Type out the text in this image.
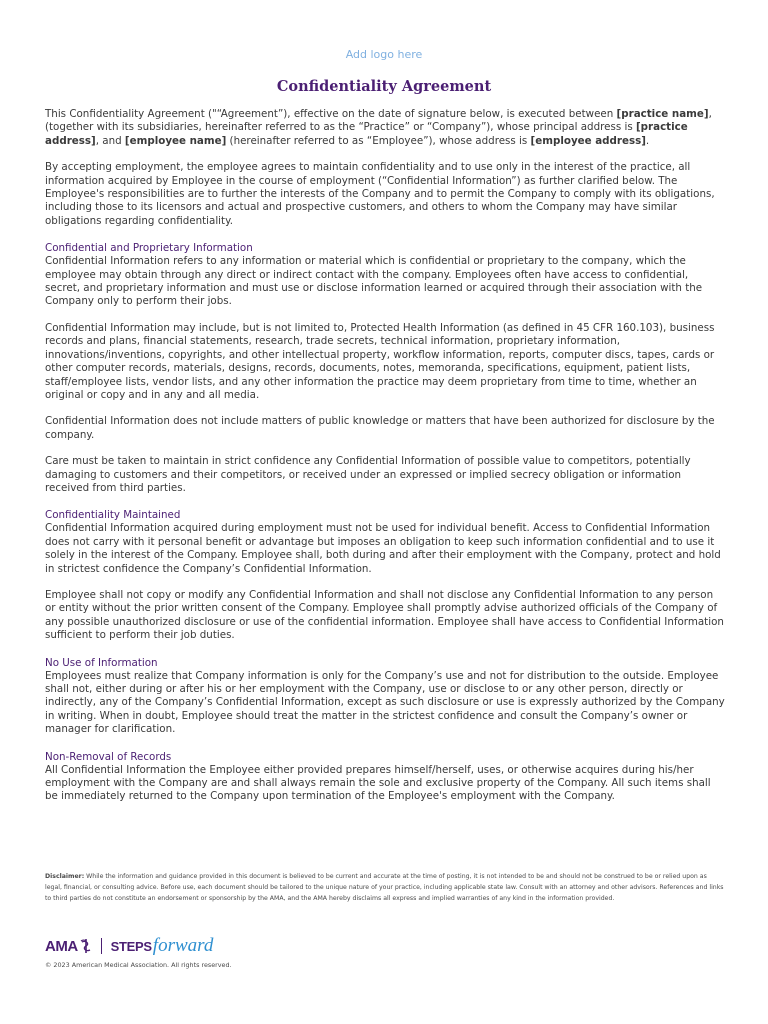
Add logo here
Confidentiality Agreement

This Confidentiality Agreement ("“Agreement”), effective on the date of signature below, is executed between [practice name], (together with its subsidiaries, hereinafter referred to as the “Practice” or “Company”), whose principal address is [practice address], and [employee name] (hereinafter referred to as “Employee”), whose address is [employee address].

By accepting employment, the employee agrees to maintain confidentiality and to use only in the interest of the practice, all information acquired by Employee in the course of employment (“Confidential Information”) as further clarified below. The Employee's responsibilities are to further the interests of the Company and to permit the Company to comply with its obligations, including those to its licensors and actual and prospective customers, and others to whom the Company may have similar obligations regarding confidentiality.

Confidential and Proprietary Information

Confidential Information refers to any information or material which is confidential or proprietary to the company, which the employee may obtain through any direct or indirect contact with the company. Employees often have access to confidential, secret, and proprietary information and must use or disclose information learned or acquired through their association with the Company only to perform their jobs.

Confidential Information may include, but is not limited to, Protected Health Information (as defined in 45 CFR 160.103), business records and plans, financial statements, research, trade secrets, technical information, proprietary information, innovations/inventions, copyrights, and other intellectual property, workflow information, reports, computer discs, tapes, cards or other computer records, materials, designs, records, documents, notes, memoranda, specifications, equipment, patient lists, staff/employee lists, vendor lists, and any other information the practice may deem proprietary from time to time, whether an original or copy and in any and all media.

Confidential Information does not include matters of public knowledge or matters that have been authorized for disclosure by the company.

Care must be taken to maintain in strict confidence any Confidential Information of possible value to competitors, potentially damaging to customers and their competitors, or received under an expressed or implied secrecy obligation or information received from third parties.

Confidentiality Maintained

Confidential Information acquired during employment must not be used for individual benefit. Access to Confidential Information does not carry with it personal benefit or advantage but imposes an obligation to keep such information confidential and to use it solely in the interest of the Company. Employee shall, both during and after their employment with the Company, protect and hold in strictest confidence the Company’s Confidential Information.

Employee shall not copy or modify any Confidential Information and shall not disclose any Confidential Information to any person or entity without the prior written consent of the Company. Employee shall promptly advise authorized officials of the Company of any possible unauthorized disclosure or use of the confidential information. Employee shall have access to Confidential Information sufficient to perform their job duties.

No Use of Information

Employees must realize that Company information is only for the Company’s use and not for distribution to the outside. Employee shall not, either during or after his or her employment with the Company, use or disclose to or any other person, directly or indirectly, any of the Company’s Confidential Information, except as such disclosure or use is expressly authorized by the Company in writing. When in doubt, Employee should treat the matter in the strictest confidence and consult the Company’s owner or manager for clarification.

Non-Removal of Records

All Confidential Information the Employee either provided prepares himself/herself, uses, or otherwise acquires during his/her employment with the Company are and shall always remain the sole and exclusive property of the Company. All such items shall be immediately returned to the Company upon termination of the Employee's employment with the Company.

Disclaimer: While the information and guidance provided in this document is believed to be current and accurate at the time of posting, it is not intended to be and should not be construed to be or relied upon as legal, financial, or consulting advice. Before use, each document should be tailored to the unique nature of your practice, including applicable state law. Consult with an attorney and other advisors. References and links to third parties do not constitute an endorsement or sponsorship by the AMA, and the AMA hereby disclaims all express and implied warranties of any kind in the information provided.
AMA	STEPS forward
© 2023 American Medical Association. All rights reserved.
